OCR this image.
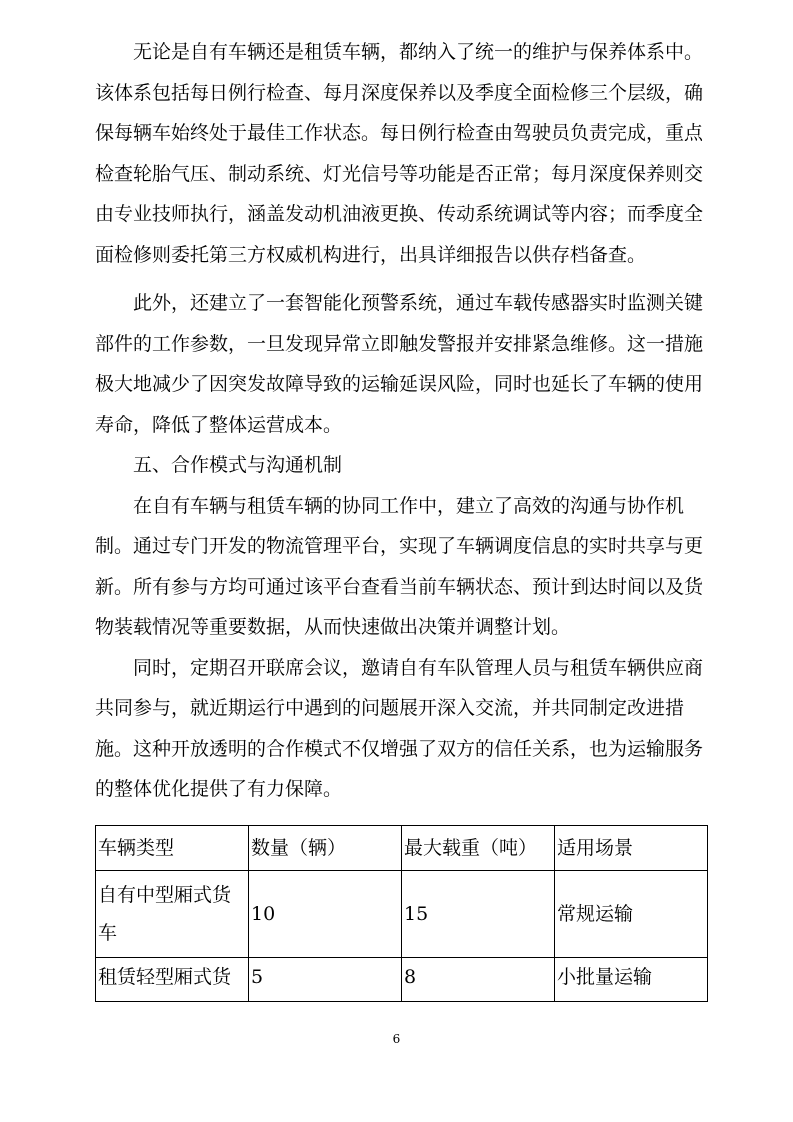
无论是自有车辆还是租赁车辆，都纳入了统一的维护与保养体系中。
该体系包括每日例行检查、每月深度保养以及季度全面检修三个层级，确
保每辆车始终处于最佳工作状态。每日例行检查由驾驶员负责完成，重点
检查轮胎气压、制动系统、灯光信号等功能是否正常；每月深度保养则交
由专业技师执行，涵盖发动机油液更换、传动系统调试等内容；而季度全
面检修则委托第三方权威机构进行，出具详细报告以供存档备查。
此外，还建立了一套智能化预警系统，通过车载传感器实时监测关键
部件的工作参数，一旦发现异常立即触发警报并安排紧急维修。这一措施
极大地减少了因突发故障导致的运输延误风险，同时也延长了车辆的使用
寿命，降低了整体运营成本。
五、合作模式与沟通机制
在自有车辆与租赁车辆的协同工作中，建立了高效的沟通与协作机
制。通过专门开发的物流管理平台，实现了车辆调度信息的实时共享与更
新。所有参与方均可通过该平台查看当前车辆状态、预计到达时间以及货
物装载情况等重要数据，从而快速做出决策并调整计划。
同时，定期召开联席会议，邀请自有车队管理人员与租赁车辆供应商
共同参与，就近期运行中遇到的问题展开深入交流，并共同制定改进措
施。这种开放透明的合作模式不仅增强了双方的信任关系，也为运输服务
的整体优化提供了有力保障。
车辆类型	数量（辆）	最大载重（吨）	适用场景

自有中型厢式货车	10	15	常规运输
租赁轻型厢式货	5	8	小批量运输
6
